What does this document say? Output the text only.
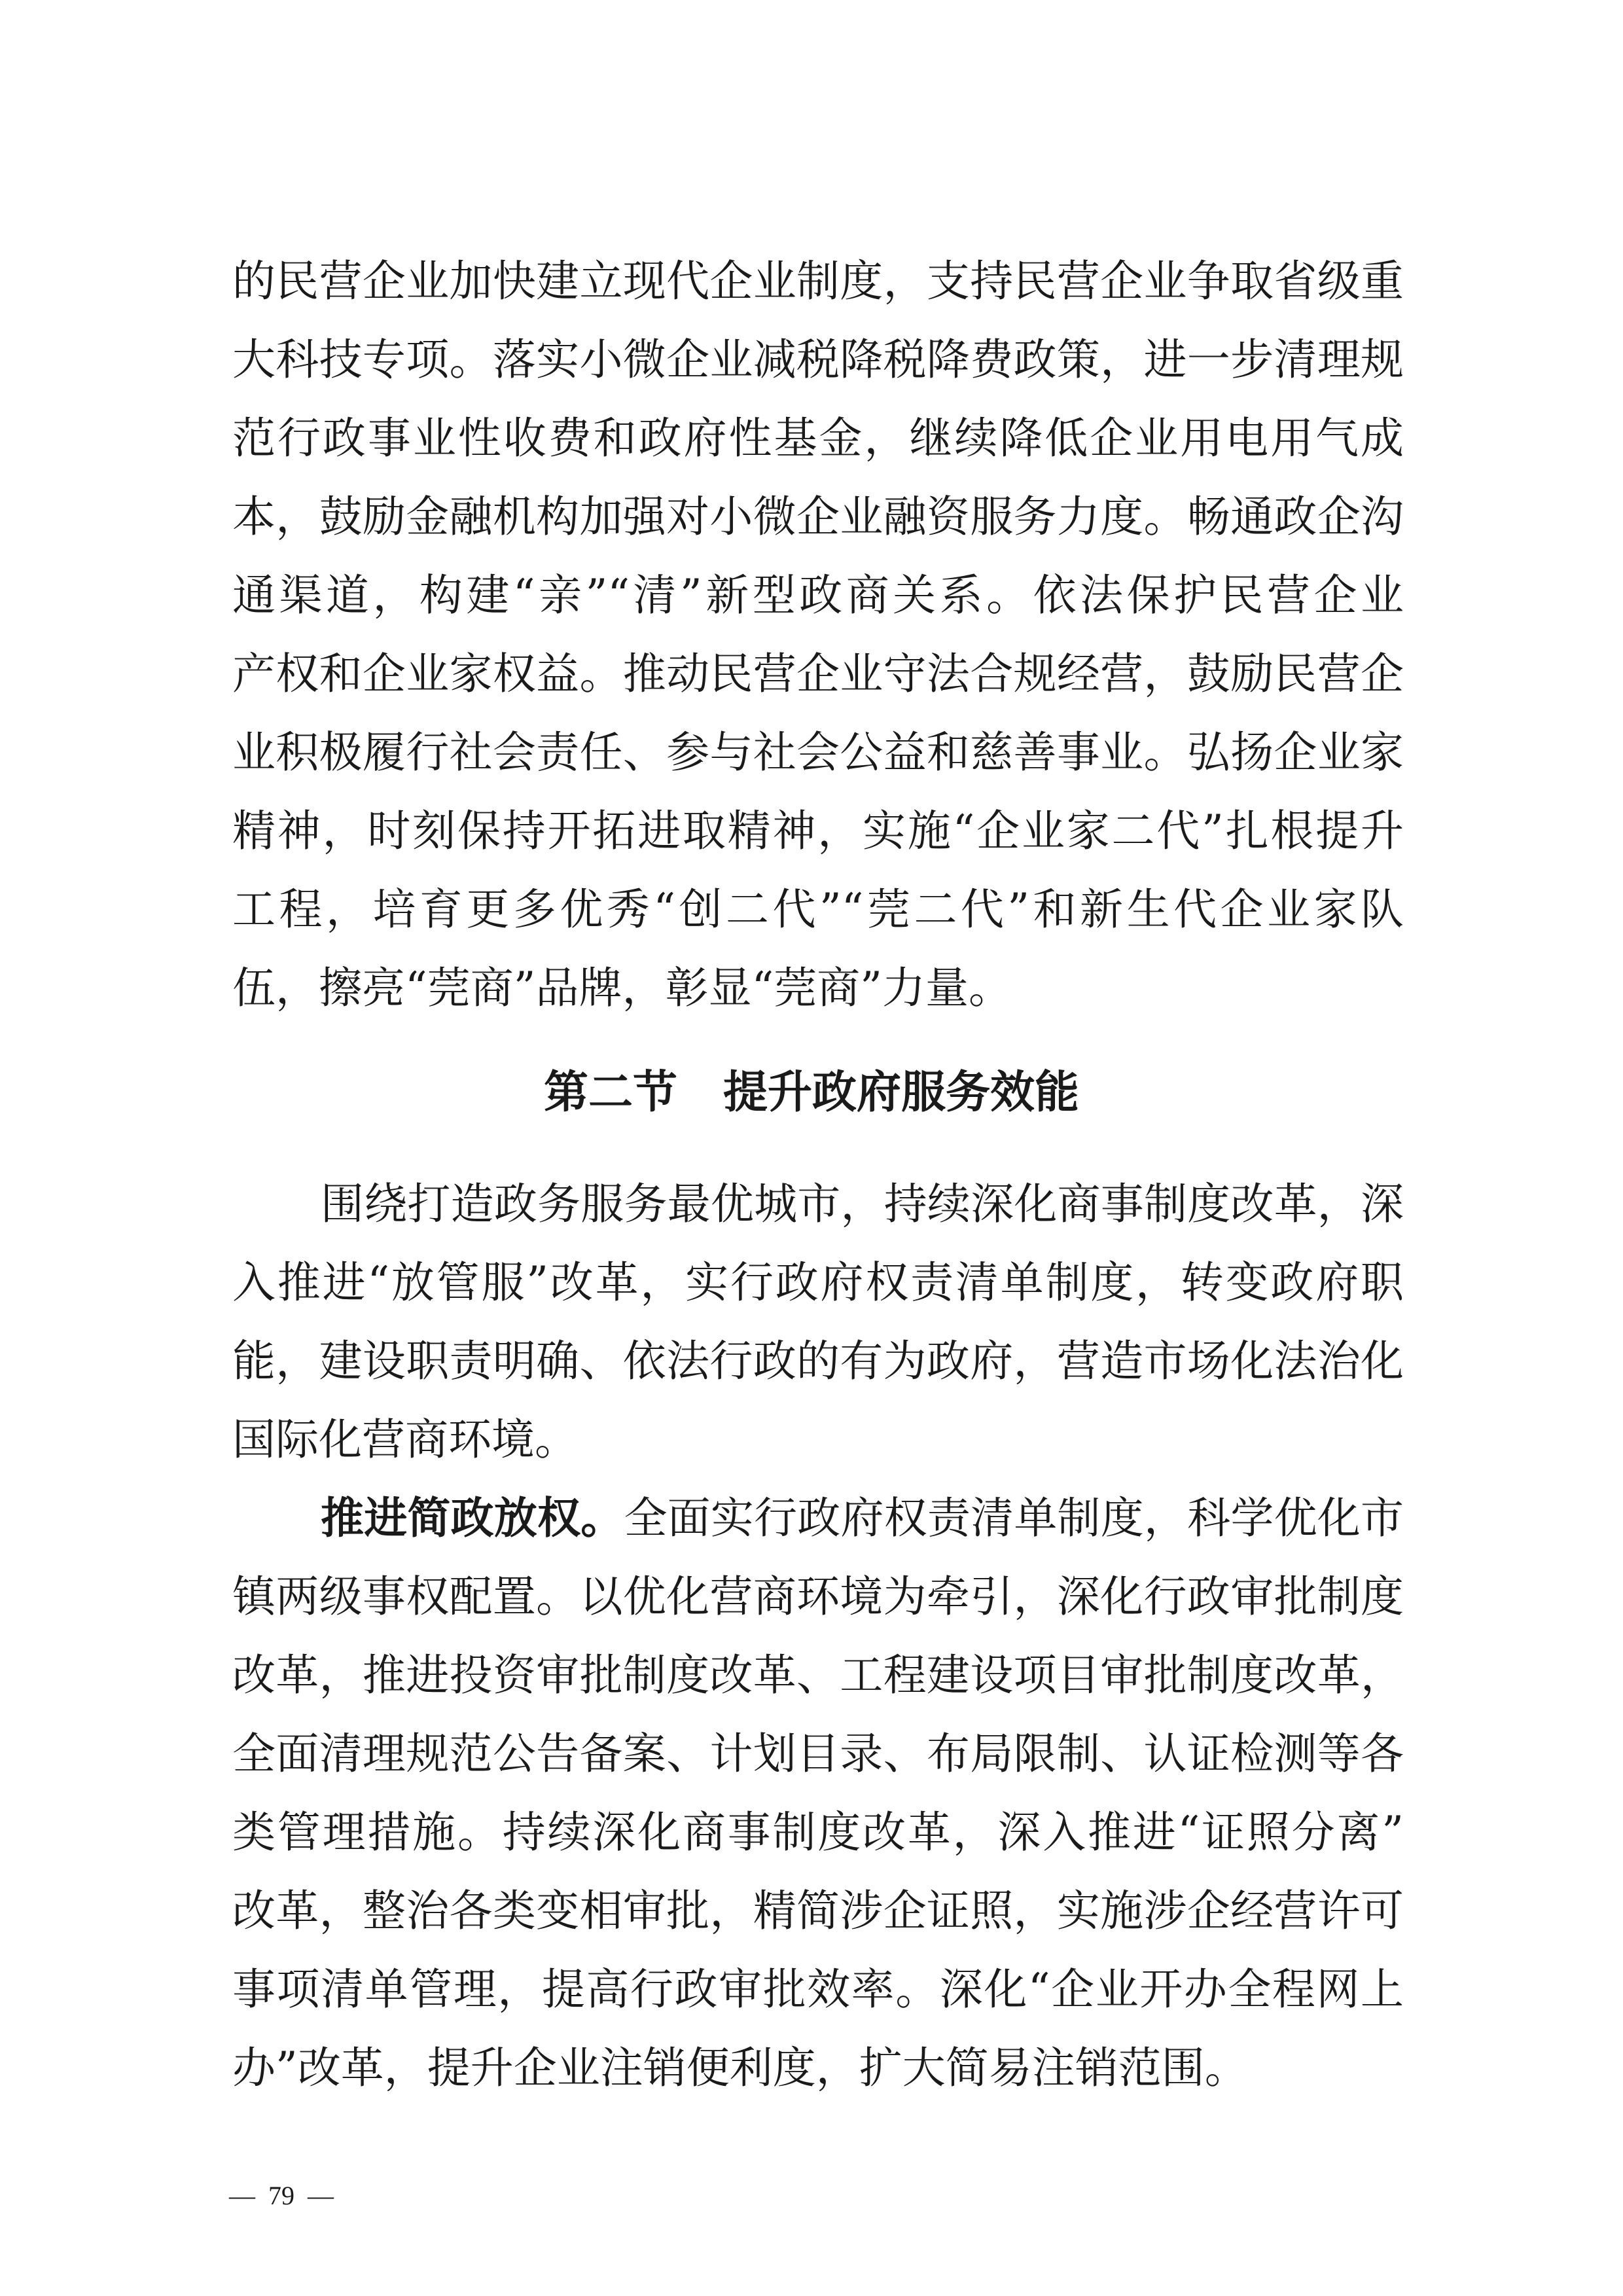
的民营企业加快建立现代企业制度，支持民营企业争取省级重
大科技专项。落实小微企业减税降税降费政策，进一步清理规
范行政事业性收费和政府性基金，继续降低企业用电用气成
本，鼓励金融机构加强对小微企业融资服务力度。畅通政企沟
通渠道，构建“亲”“清”新型政商关系。依法保护民营企业
产权和企业家权益。推动民营企业守法合规经营，鼓励民营企
业积极履行社会责任、参与社会公益和慈善事业。弘扬企业家
精神，时刻保持开拓进取精神，实施“企业家二代”扎根提升
工程，培育更多优秀“创二代”“莞二代”和新生代企业家队
伍，擦亮“莞商”品牌，彰显“莞商”力量。
第二节 提升政府服务效能
围绕打造政务服务最优城市，持续深化商事制度改革，深
入推进“放管服”改革，实行政府权责清单制度，转变政府职
能，建设职责明确、依法行政的有为政府，营造市场化法治化
国际化营商环境。
推进简政放权。全面实行政府权责清单制度，科学优化市
镇两级事权配置。以优化营商环境为牵引，深化行政审批制度
改革，推进投资审批制度改革、工程建设项目审批制度改革，
全面清理规范公告备案、计划目录、布局限制、认证检测等各
类管理措施。持续深化商事制度改革，深入推进“证照分离”
改革，整治各类变相审批，精简涉企证照，实施涉企经营许可
事项清单管理，提高行政审批效率。深化“企业开办全程网上
办”改革，提升企业注销便利度，扩大简易注销范围。
— 79 —
